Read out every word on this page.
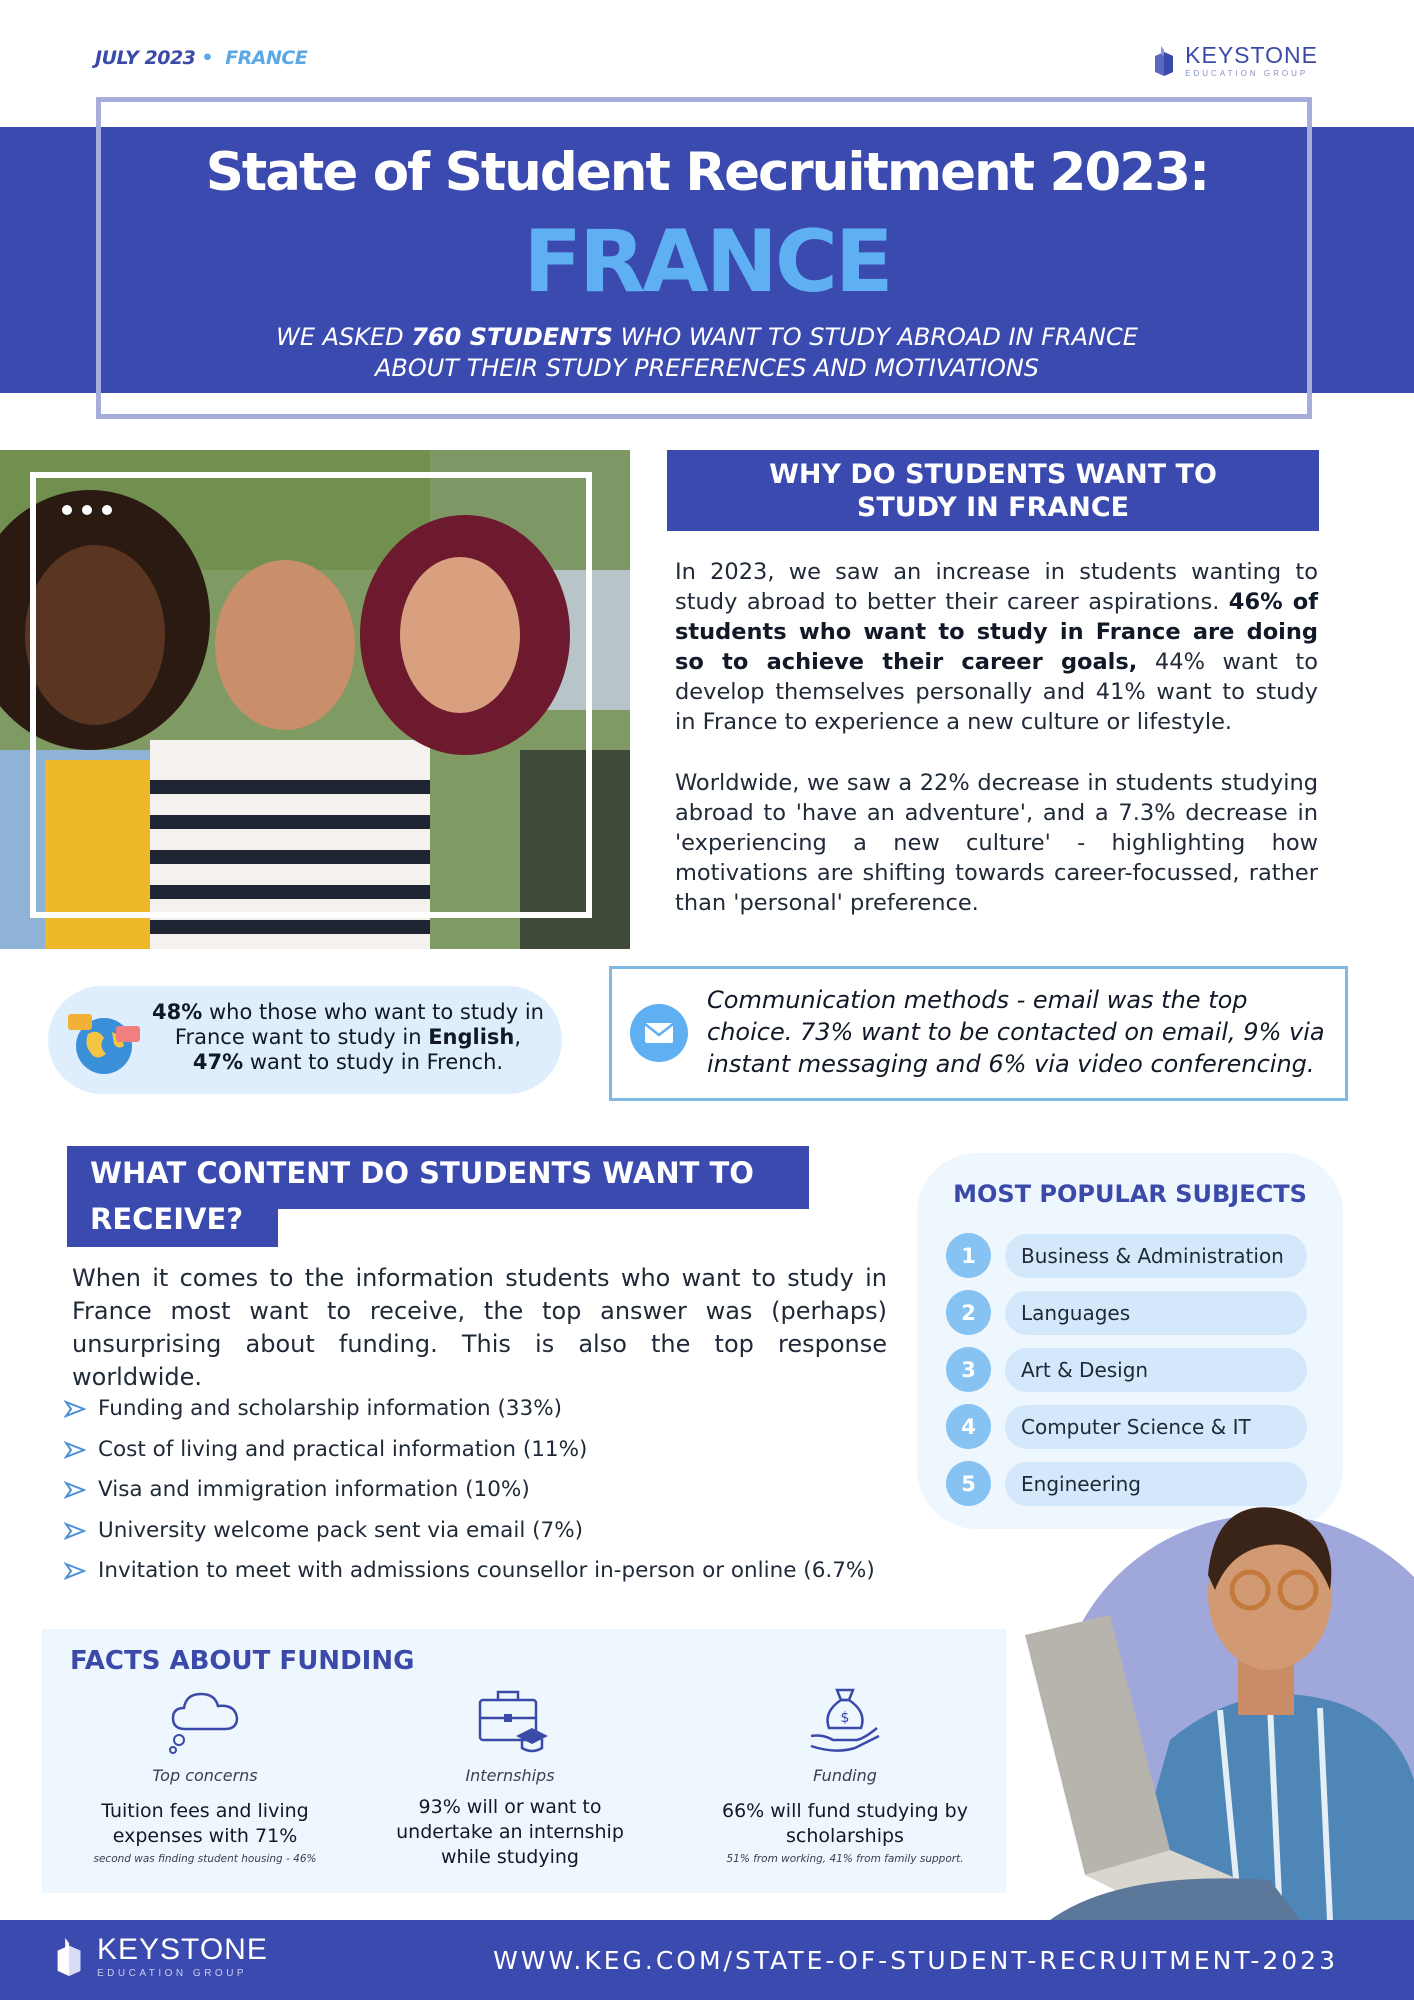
JULY 2023 • FRANCE	KEYSTONE
EDUCATION GROUP
State of Student Recruitment 2023:
FRANCE
WE ASKED 760 STUDENTS WHO WANT TO STUDY ABROAD IN FRANCE ABOUT THEIR STUDY PREFERENCES AND MOTIVATIONS
WHY DO STUDENTS WANT TO STUDY IN FRANCE

In 2023, we saw an increase in students wanting to study abroad to better their career aspirations. 46% of students who want to study in France are doing so to achieve their career goals, 44% want to develop themselves personally and 41% want to study in France to experience a new culture or lifestyle.

Worldwide, we saw a 22% decrease in students studying abroad to 'have an adventure', and a 7.3% decrease in 'experiencing a new culture' - highlighting how motivations are shifting towards career-focussed, rather than 'personal' preference.

48% who those who want to study in France want to study in English,
47% want to study in French.
Communication methods - email was the top choice. 73% want to be contacted on email, 9% via instant messaging and 6% via video conferencing.
WHAT CONTENT DO STUDENTS WANT TO
RECEIVE?
When it comes to the information students who want to study in France most want to receive, the top answer was (perhaps) unsurprising about funding. This is also the top response worldwide.
Funding and scholarship information (33%)
Cost of living and practical information (11%)
Visa and immigration information (10%)
University welcome pack sent via email (7%)
Invitation to meet with admissions counsellor in-person or online (6.7%)
MOST POPULAR SUBJECTS
1	Business & Administration
2	Languages
3	Art & Design
4	Computer Science & IT
5	Engineering
FACTS ABOUT FUNDING
Top concerns
Tuition fees and living expenses with 71%
second was finding student housing - 46%
Internships
93% will or want to undertake an internship while studying
$
Funding
66% will fund studying by scholarships
51% from working, 41% from family support.
KEYSTONE
EDUCATION GROUP	WWW.KEG.COM/STATE-OF-STUDENT-RECRUITMENT-2023
